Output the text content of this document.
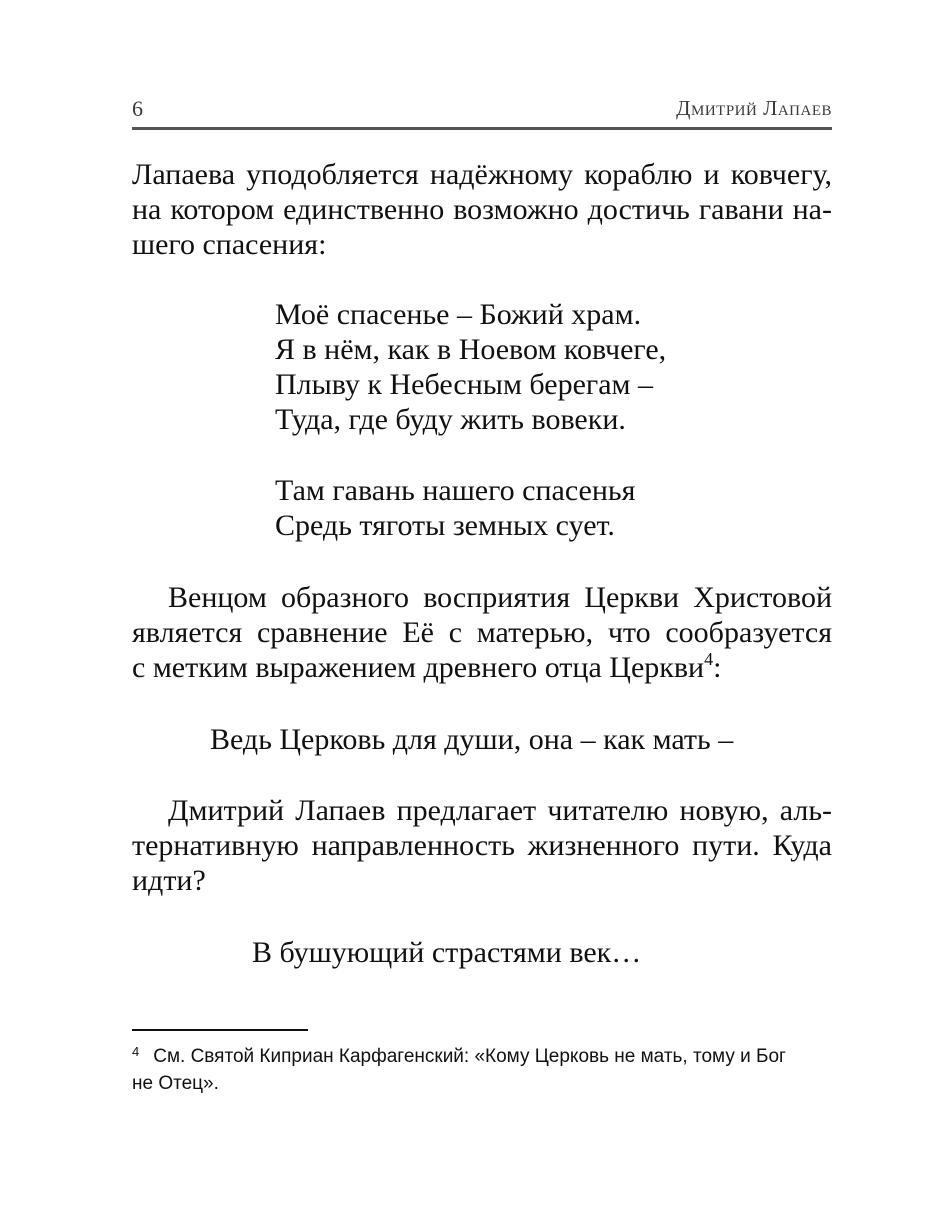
6	Дмитрий Лапаев
Лапаева уподобляется надёжному кораблю и ковчегу,
на котором единственно возможно достичь гавани на-
шего спасения:
Моё спасенье – Божий храм.
Я в нём, как в Ноевом ковчеге,
Плыву к Небесным берегам –
Туда, где буду жить вовеки.
Там гавань нашего спасенья
Средь тяготы земных сует.
Венцом образного восприятия Церкви Христовой
является сравнение Её с матерью, что сообразуется
с метким выражением древнего отца Церкви$^4$:
Ведь Церковь для души, она – как мать –
Дмитрий Лапаев предлагает читателю новую, аль-
тернативную направленность жизненного пути. Куда
идти?
В бушующий страстями век…
$^4$ См. Святой Киприан Карфагенский: «Кому Церковь не мать, тому и Бог
не Отец».
